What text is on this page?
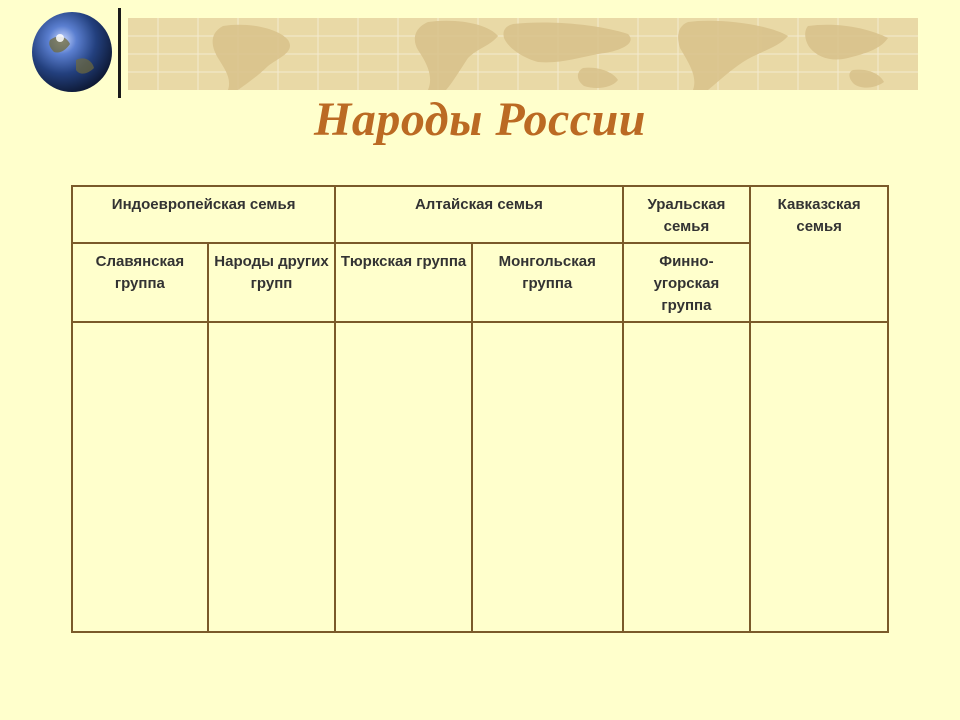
Народы России
Индоевропейская семья		Алтайская семья		Уральская семья	Кавказская семья
Славянская группа	Народы других групп	Тюркская группа	Монгольская группа	Финно-угорская группа	
